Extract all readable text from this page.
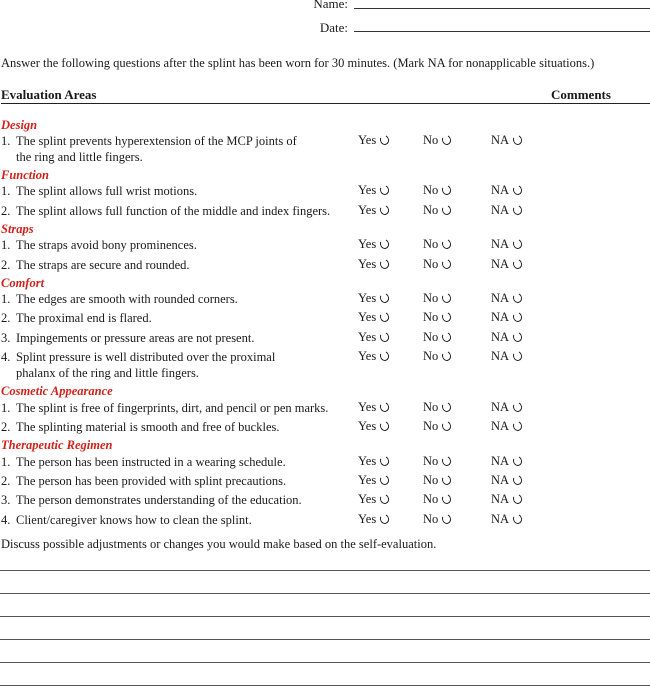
Name:
Date:
Answer the following questions after the splint has been worn for 30 minutes. (Mark NA for nonapplicable situations.)
Evaluation Areas	Comments
Design
1. The splint prevents hyperextension of the MCP joints of
the ring and little fingers.
Yes	No	NA
Function
1. The splint allows full wrist motions.	Yes	No	NA
2. The splint allows full function of the middle and index fingers.	Yes	No	NA
Straps
1. The straps avoid bony prominences.	Yes	No	NA
2. The straps are secure and rounded.	Yes	No	NA
Comfort
1. The edges are smooth with rounded corners.	Yes	No	NA
2. The proximal end is flared.	Yes	No	NA
3. Impingements or pressure areas are not present.	Yes	No	NA
4. Splint pressure is well distributed over the proximal
phalanx of the ring and little fingers.
Yes	No	NA
Cosmetic Appearance
1. The splint is free of fingerprints, dirt, and pencil or pen marks.	Yes	No	NA
2. The splinting material is smooth and free of buckles.	Yes	No	NA
Therapeutic Regimen
1. The person has been instructed in a wearing schedule.	Yes	No	NA
2. The person has been provided with splint precautions.	Yes	No	NA
3. The person demonstrates understanding of the education.	Yes	No	NA
4. Client/caregiver knows how to clean the splint.	Yes	No	NA
Discuss possible adjustments or changes you would make based on the self-evaluation.
